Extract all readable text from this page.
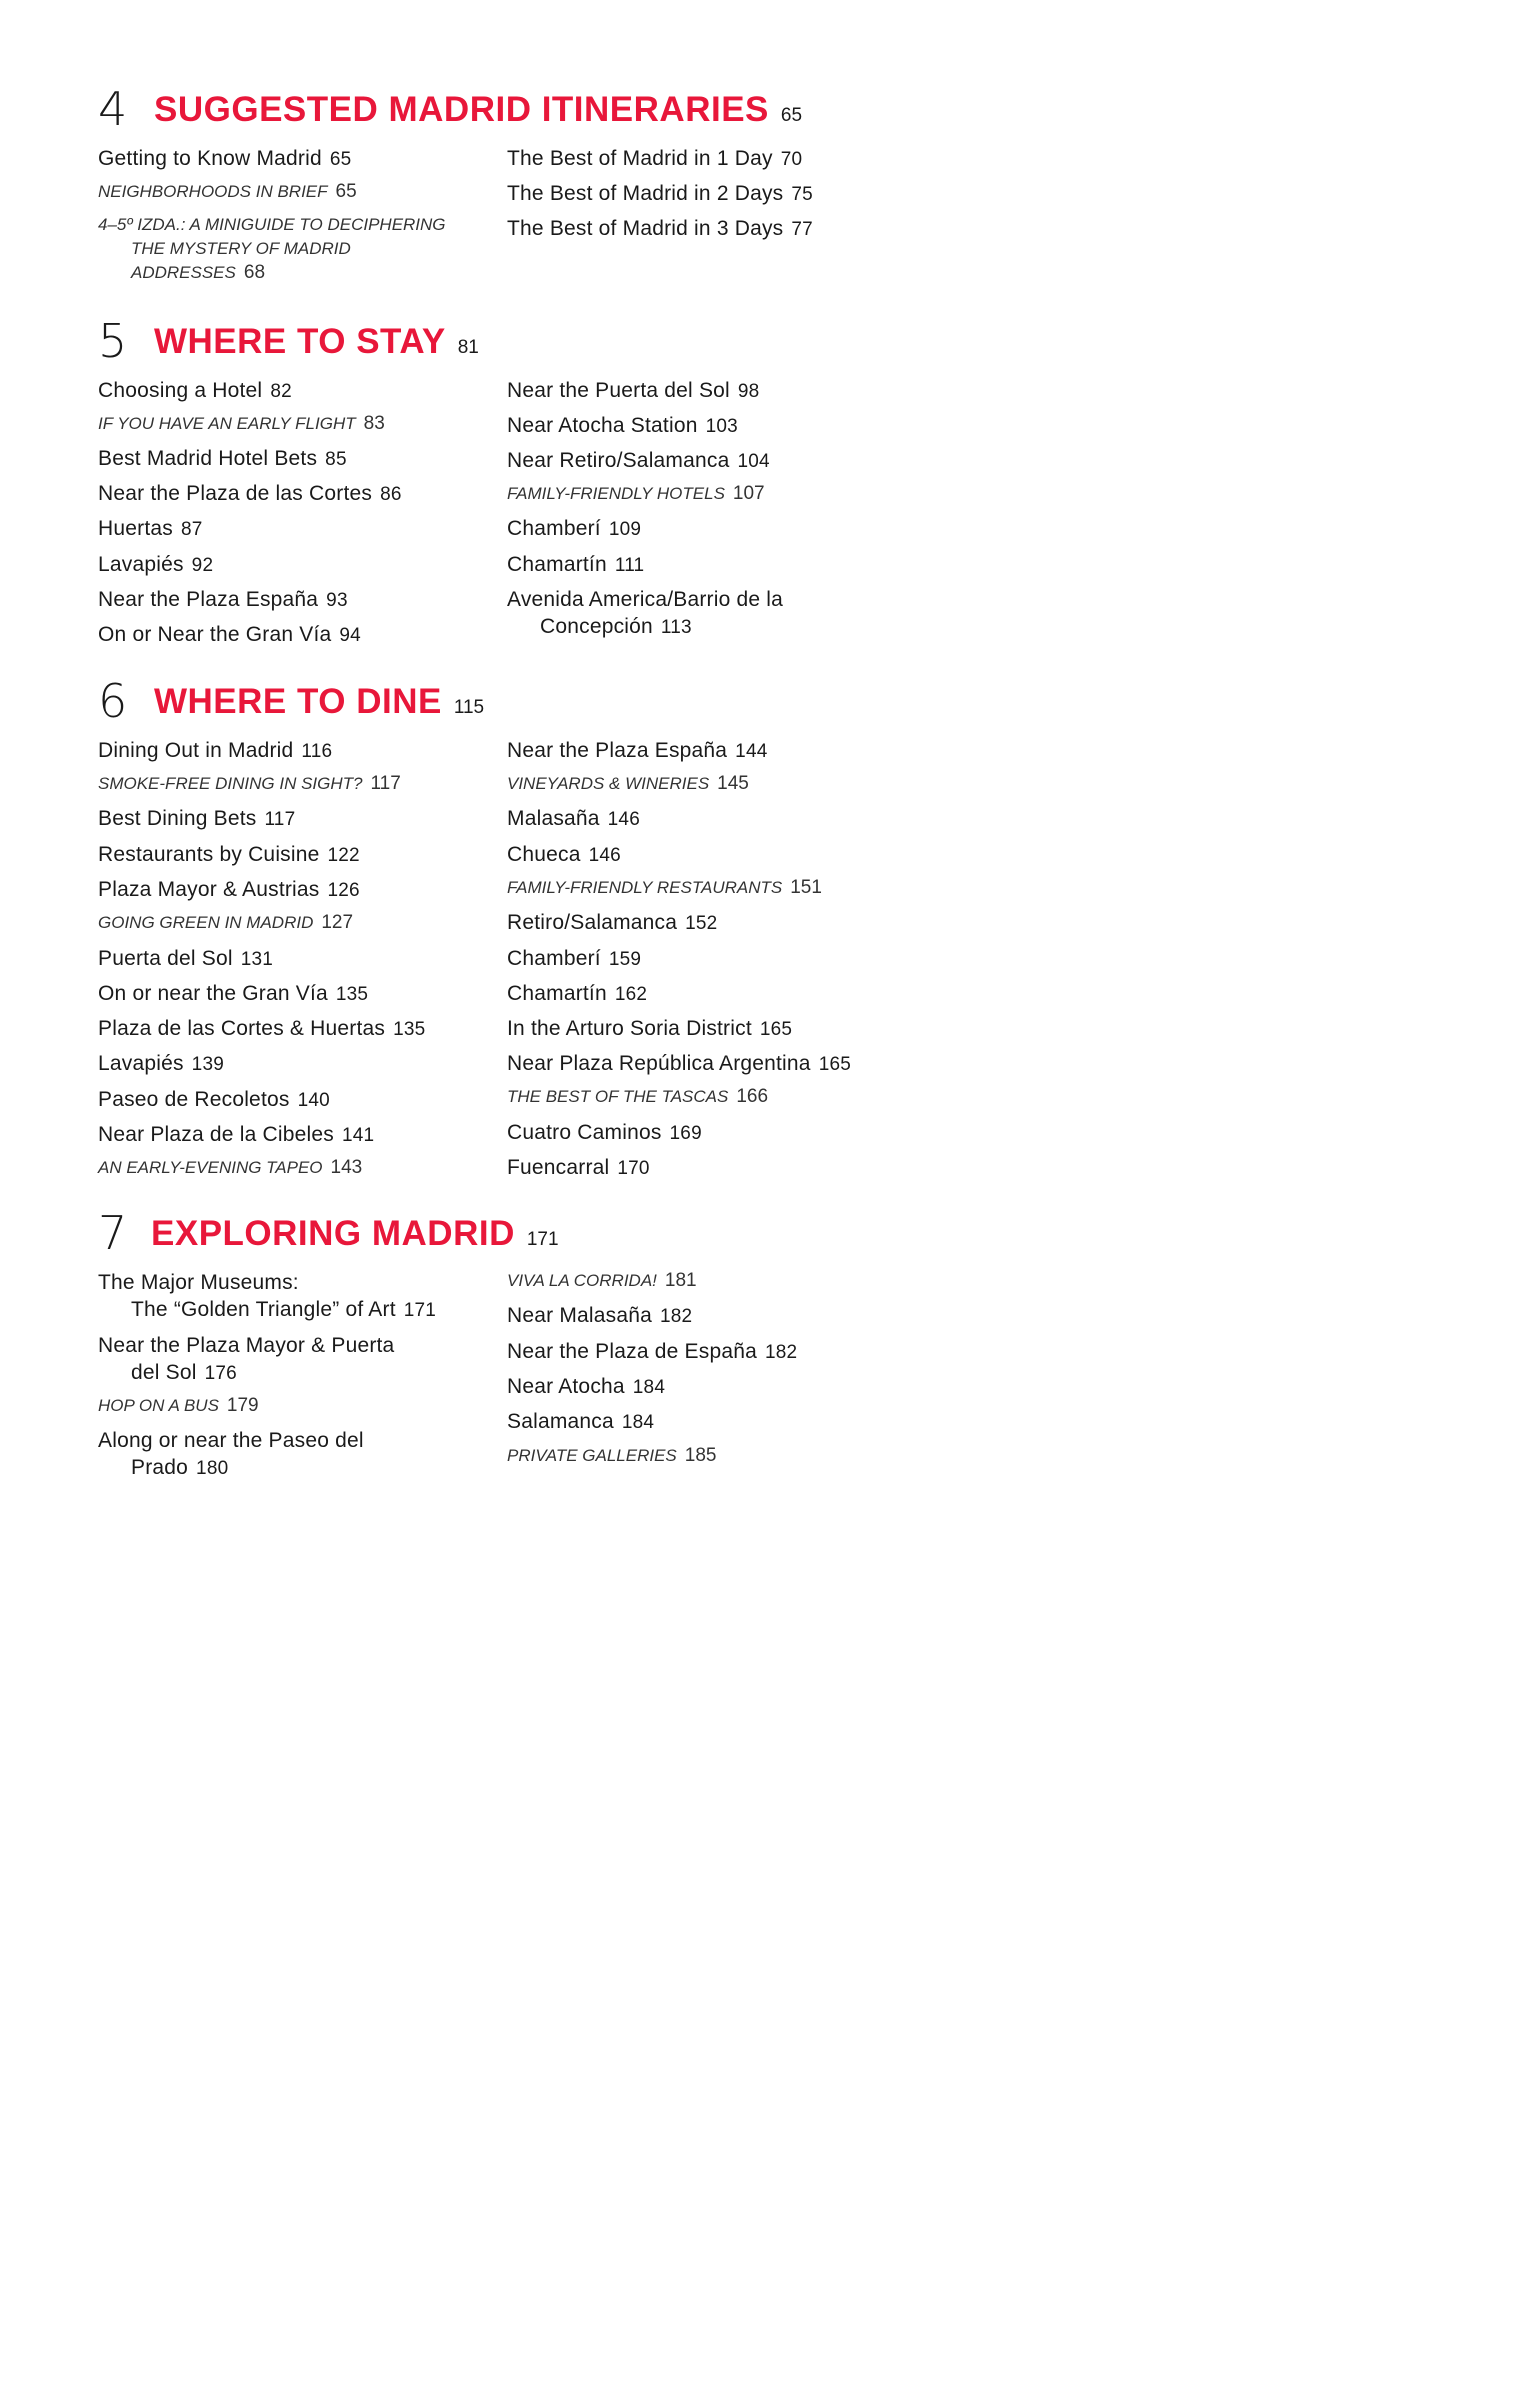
4 SUGGESTED MADRID ITINERARIES 65
Getting to Know Madrid 65
NEIGHBORHOODS IN BRIEF 65
4–5º IZDA.: A MINIGUIDE TO DECIPHERING
THE MYSTERY OF MADRID
ADDRESSES 68
The Best of Madrid in 1 Day 70
The Best of Madrid in 2 Days 75
The Best of Madrid in 3 Days 77
5 WHERE TO STAY 81
Choosing a Hotel 82
IF YOU HAVE AN EARLY FLIGHT 83
Best Madrid Hotel Bets 85
Near the Plaza de las Cortes 86
Huertas 87
Lavapiés 92
Near the Plaza España 93
On or Near the Gran Vía 94
Near the Puerta del Sol 98
Near Atocha Station 103
Near Retiro/Salamanca 104
FAMILY-FRIENDLY HOTELS 107
Chamberí 109
Chamartín 111
Avenida America/Barrio de la
Concepción 113
6 WHERE TO DINE 115
Dining Out in Madrid 116
SMOKE-FREE DINING IN SIGHT? 117
Best Dining Bets 117
Restaurants by Cuisine 122
Plaza Mayor & Austrias 126
GOING GREEN IN MADRID 127
Puerta del Sol 131
On or near the Gran Vía 135
Plaza de las Cortes & Huertas 135
Lavapiés 139
Paseo de Recoletos 140
Near Plaza de la Cibeles 141
AN EARLY-EVENING TAPEO 143
Near the Plaza España 144
VINEYARDS & WINERIES 145
Malasaña 146
Chueca 146
FAMILY-FRIENDLY RESTAURANTS 151
Retiro/Salamanca 152
Chamberí 159
Chamartín 162
In the Arturo Soria District 165
Near Plaza República Argentina 165
THE BEST OF THE TASCAS 166
Cuatro Caminos 169
Fuencarral 170
7 EXPLORING MADRID 171
The Major Museums:
The “Golden Triangle” of Art 171
Near the Plaza Mayor & Puerta
del Sol 176
HOP ON A BUS 179
Along or near the Paseo del
Prado 180
VIVA LA CORRIDA! 181
Near Malasaña 182
Near the Plaza de España 182
Near Atocha 184
Salamanca 184
PRIVATE GALLERIES 185
